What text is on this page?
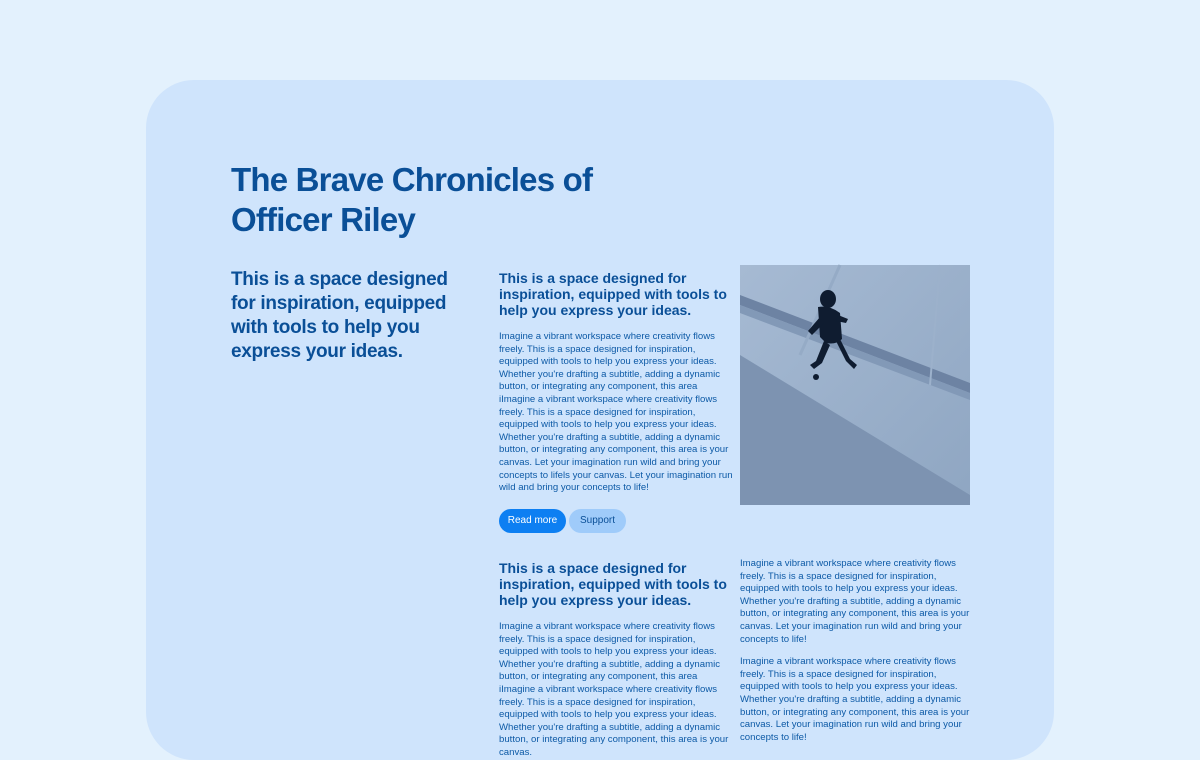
The Brave Chronicles of Officer Riley

This is a space designed for inspiration, equipped with tools to help you express your ideas.

This is a space designed for inspiration, equipped with tools to help you express your ideas.

Imagine a vibrant workspace where creativity flows freely. This is a space designed for inspiration, equipped with tools to help you express your ideas. Whether you're drafting a subtitle, adding a dynamic button, or integrating any component, this area iImagine a vibrant workspace where creativity flows freely. This is a space designed for inspiration, equipped with tools to help you express your ideas. Whether you're drafting a subtitle, adding a dynamic button, or integrating any component, this area is your canvas. Let your imagination run wild and bring your concepts to lifels your canvas. Let your imagination run wild and bring your concepts to life!

Read more	Support
This is a space designed for inspiration, equipped with tools to help you express your ideas.

Imagine a vibrant workspace where creativity flows freely. This is a space designed for inspiration, equipped with tools to help you express your ideas. Whether you're drafting a subtitle, adding a dynamic button, or integrating any component, this area iImagine a vibrant workspace where creativity flows freely. This is a space designed for inspiration, equipped with tools to help you express your ideas. Whether you're drafting a subtitle, adding a dynamic button, or integrating any component, this area is your canvas.

Imagine a vibrant workspace where creativity flows freely. This is a space designed for inspiration, equipped with tools to help you express your ideas. Whether you're drafting a subtitle, adding a dynamic button, or integrating any component, this area is your canvas. Let your imagination run wild and bring your concepts to life!

Imagine a vibrant workspace where creativity flows freely. This is a space designed for inspiration, equipped with tools to help you express your ideas. Whether you're drafting a subtitle, adding a dynamic button, or integrating any component, this area is your canvas. Let your imagination run wild and bring your concepts to life!
